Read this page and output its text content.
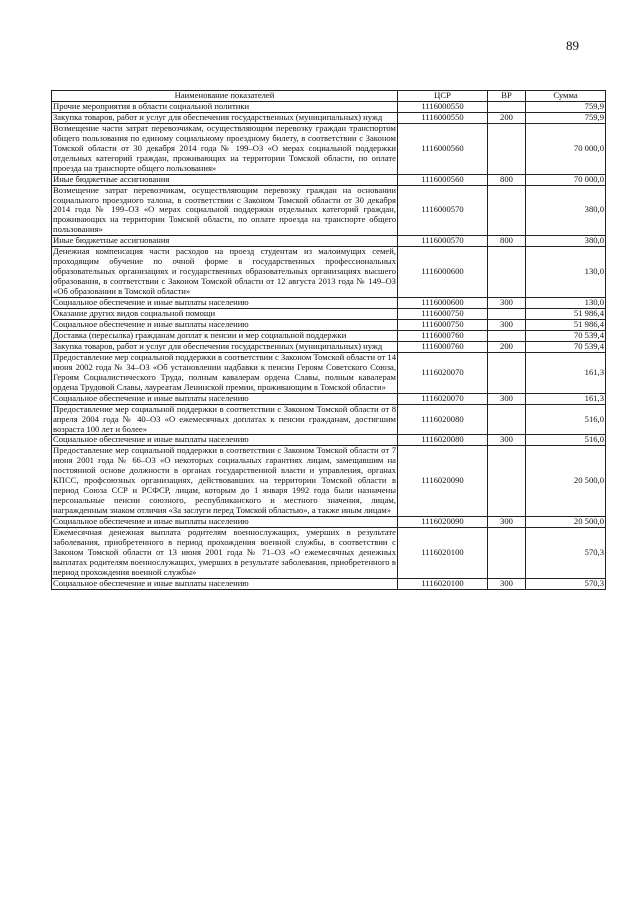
89
Наименование показателей	ЦСР	ВР	Сумма
Прочие мероприятия в области социальной политики	1116000550		759,9
Закупка товаров, работ и услуг для обеспечения государственных (муниципальных) нужд	1116000550	200	759,9
Возмещение части затрат перевозчикам, осуществляющим перевозку граждан транспортом общего пользования по единому социальному проездному билету, в соответствии с Законом Томской области от 30 декабря 2014 года № 199–ОЗ «О мерах социальной поддержки отдельных категорий граждан, проживающих на территории Томской области, по оплате проезда на транспорте общего пользования»	1116000560		70 000,0
Иные бюджетные ассигнования	1116000560	800	70 000,0
Возмещение затрат перевозчикам, осуществляющим перевозку граждан на основании социального проездного талона, в соответствии с Законом Томской области от 30 декабря 2014 года № 199–ОЗ «О мерах социальной поддержки отдельных категорий граждан, проживающих на территории Томской области, по оплате проезда на транспорте общего пользования»	1116000570		380,0
Иные бюджетные ассигнования	1116000570	800	380,0
Денежная компенсация части расходов на проезд студентам из малоимущих семей, проходящим обучение по очной форме в государственных профессиональных образовательных организациях и государственных образовательных организациях высшего образования, в соответствии с Законом Томской области от 12 августа 2013 года № 149–ОЗ «Об образовании в Томской области»	1116000600		130,0
Социальное обеспечение и иные выплаты населению	1116000600	300	130,0
Оказание других видов социальной помощи	1116000750		51 986,4
Социальное обеспечение и иные выплаты населению	1116000750	300	51 986,4
Доставка (пересылка) гражданам доплат к пенсии и мер социальной поддержки	1116000760		70 539,4
Закупка товаров, работ и услуг для обеспечения государственных (муниципальных) нужд	1116000760	200	70 539,4
Предоставление мер социальной поддержки в соответствии с Законом Томской области от 14 июня 2002 года № 34–ОЗ «Об установлении надбавки к пенсии Героям Советского Союза, Героям Социалистического Труда, полным кавалерам ордена Славы, полным кавалерам ордена Трудовой Славы, лауреатам Ленинской премии, проживающим в Томской области»	1116020070		161,3
Социальное обеспечение и иные выплаты населению	1116020070	300	161,3
Предоставление мер социальной поддержки в соответствии с Законом Томской области от 8 апреля 2004 года № 40–ОЗ «О ежемесячных доплатах к пенсии гражданам, достигшим возраста 100 лет и более»	1116020080		516,0
Социальное обеспечение и иные выплаты населению	1116020080	300	516,0
Предоставление мер социальной поддержки в соответствии с Законом Томской области от 7 июня 2001 года № 66–ОЗ «О некоторых социальных гарантиях лицам, замещавшим на постоянной основе должности в органах государственной власти и управления, органах КПСС, профсоюзных организациях, действовавших на территории Томской области в период Союза ССР и РСФСР, лицам, которым до 1 января 1992 года были назначены персональные пенсии союзного, республиканского и местного значения, лицам, награжденным знаком отличия «За заслуги перед Томской областью», а также иным лицам»	1116020090		20 500,0
Социальное обеспечение и иные выплаты населению	1116020090	300	20 500,0
Ежемесячная денежная выплата родителям военнослужащих, умерших в результате заболевания, приобретенного в период прохождения военной службы, в соответствии с Законом Томской области от 13 июня 2001 года № 71–ОЗ «О ежемесячных денежных выплатах родителям военнослужащих, умерших в результате заболевания, приобретенного в период прохождения военной службы»	1116020100		570,3
Социальное обеспечение и иные выплаты населению	1116020100	300	570,3
